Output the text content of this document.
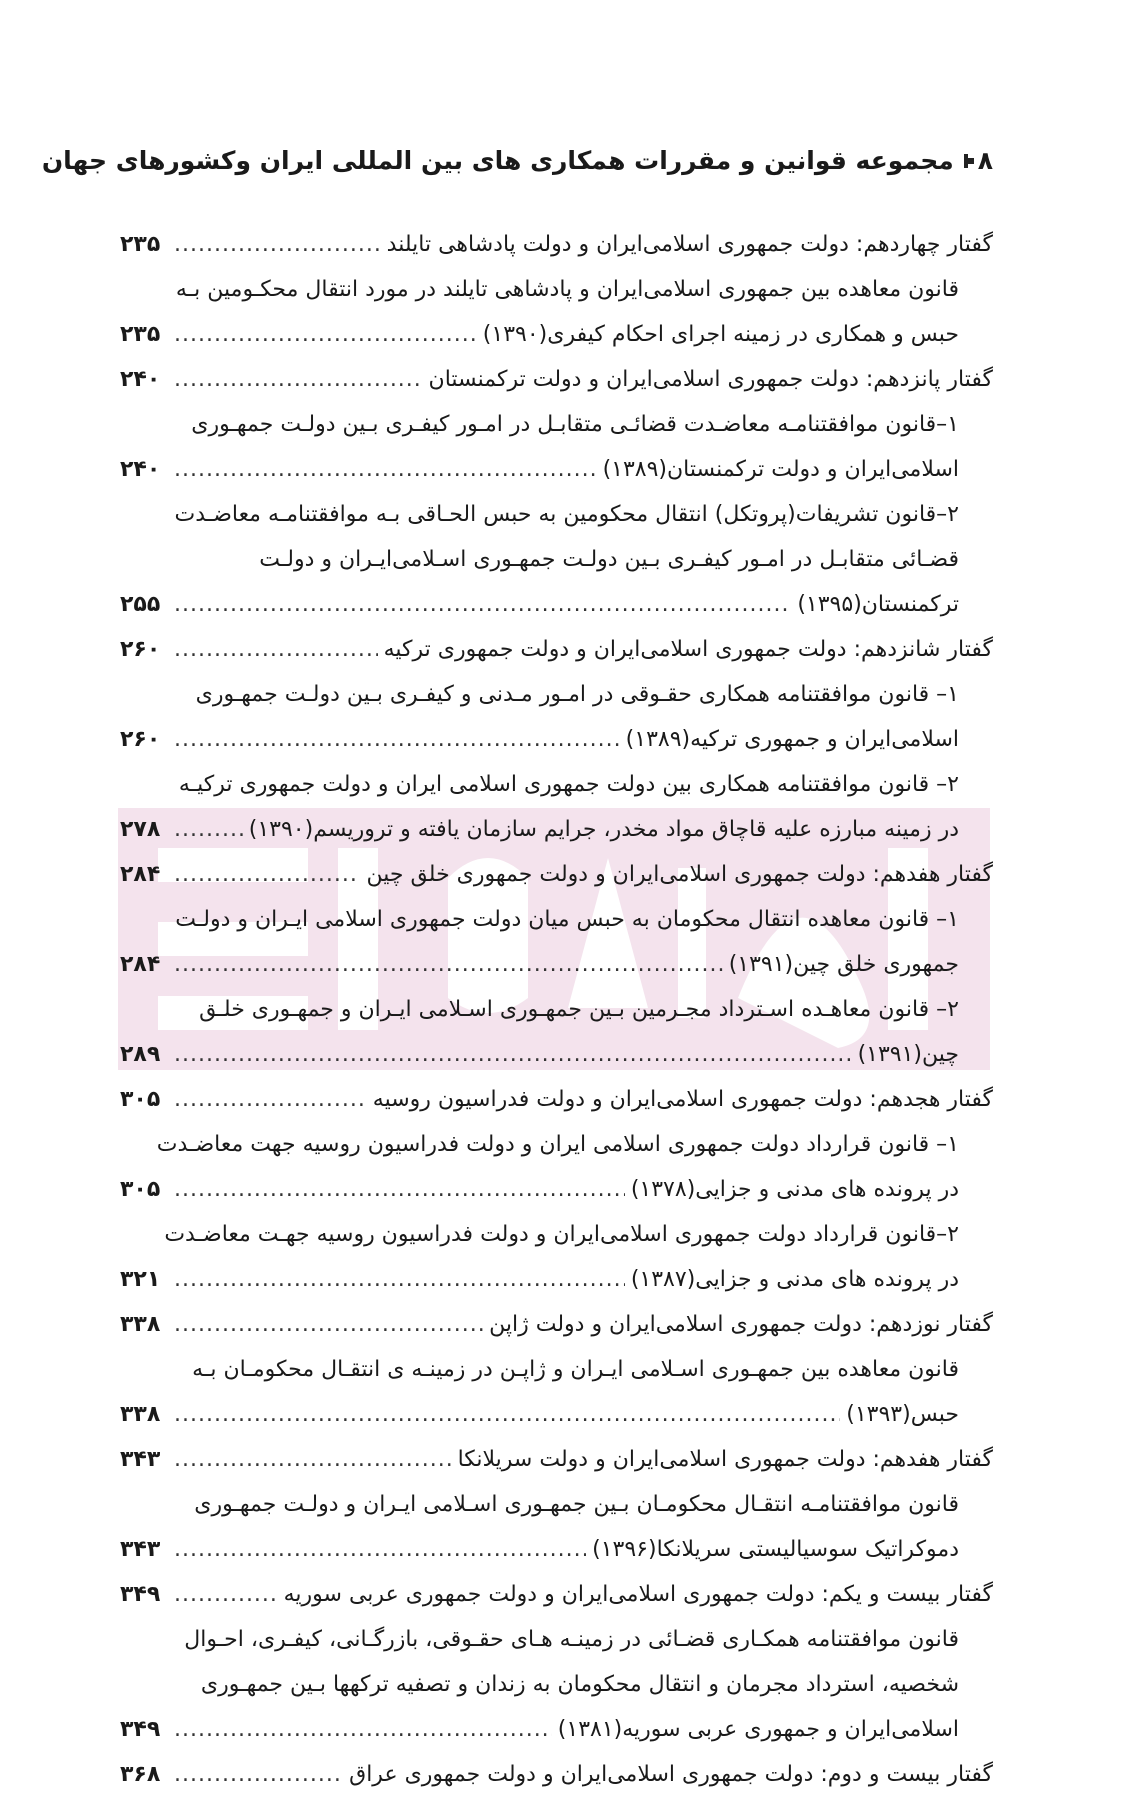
۸
مجموعه قوانین و مقررات همکاری های بین المللی ایران وکشورهای جهان
گفتار چهاردهم: دولت جمهوری اسلامی‌ایران و دولت پادشاهی تایلند
.....
۲۳۵
قانون معاهده بین جمهوری اسلامی‌ایران و پادشاهی تایلند در مورد انتقال محکـومین بـه
حبس و همکاری در زمینه اجرای احکام کیفری(۱۳۹۰)
.....
۲۳۵
گفتار پانزدهم: دولت جمهوری اسلامی‌ایران و دولت ترکمنستان
.....
۲۴۰
۱–قانون موافقتنامـه معاضـدت قضائـی متقابـل در امـور کیفـری بـین دولـت جمهـوری
اسلامی‌ایران و دولت ترکمنستان(۱۳۸۹)
.....
۲۴۰
۲–قانون تشریفات(پروتکل) انتقال محکومین به حبس الحـاقی بـه موافقتنامـه معاضـدت
قضـائی متقابـل در امـور کیفـری بـین دولـت جمهـوری اسـلامی‌ایـران و دولـت
ترکمنستان(۱۳۹۵)
.....
۲۵۵
گفتار شانزدهم: دولت جمهوری اسلامی‌ایران و دولت جمهوری ترکیه
.....
۲۶۰
۱– قانون موافقتنامه همکاری حقـوقی در امـور مـدنی و کیفـری بـین دولـت جمهـوری
اسلامی‌ایران و جمهوری ترکیه(۱۳۸۹)
.....
۲۶۰
۲– قانون موافقتنامه همکاری بین دولت جمهوری اسلامی ایران و دولت جمهوری ترکیـه
در زمینه مبارزه علیه قاچاق مواد مخدر، جرایم سازمان یافته و تروریسم(۱۳۹۰)
.....
۲۷۸
گفتار هفدهم: دولت جمهوری اسلامی‌ایران و دولت جمهوری خلق چین
.....
۲۸۴
۱– قانون معاهده انتقال محکومان به حبس میان دولت جمهوری اسلامی ایـران و دولـت
جمهوری خلق چین(۱۳۹۱)
.....
۲۸۴
۲– قانون معاهـده اسـترداد مجـرمین بـین جمهـوری اسـلامی ایـران و جمهـوری خلـق
چین(۱۳۹۱)
.....
۲۸۹
گفتار هجدهم: دولت جمهوری اسلامی‌ایران و دولت فدراسیون روسیه
.....
۳۰۵
۱– قانون قرارداد دولت جمهوری اسلامی ایران و دولت فدراسیون روسیه جهت معاضـدت
در پرونده های مدنی و جزایی(۱۳۷۸)
.....
۳۰۵
۲–قانون قرارداد دولت جمهوری اسلامی‌ایران و دولت فدراسیون روسیه جهـت معاضـدت
در پرونده های مدنی و جزایی(۱۳۸۷)
.....
۳۲۱
گفتار نوزدهم: دولت جمهوری اسلامی‌ایران و دولت ژاپن
.....
۳۳۸
قانون معاهده بین جمهـوری اسـلامی ایـران و ژاپـن در زمینـه ی انتقـال محکومـان بـه
حبس(۱۳۹۳)
.....
۳۳۸
گفتار هفدهم: دولت جمهوری اسلامی‌ایران و دولت سریلانکا
.....
۳۴۳
قانون موافقتنامـه انتقـال محکومـان بـین جمهـوری اسـلامی ایـران و دولـت جمهـوری
دموکراتیک سوسیالیستی سریلانکا(۱۳۹۶)
.....
۳۴۳
گفتار بیست و یکم: دولت جمهوری اسلامی‌ایران و دولت جمهوری عربی سوریه
.....
۳۴۹
قانون موافقتنامه همکـاری قضـائی در زمینـه هـای حقـوقی، بازرگـانی، کیفـری، احـوال
شخصیه، استرداد مجرمان و انتقال محکومان به زندان و تصفیه ترکهها بـین جمهـوری
اسلامی‌ایران و جمهوری عربی سوریه(۱۳۸۱)
.....
۳۴۹
گفتار بیست و دوم: دولت جمهوری اسلامی‌ایران و دولت جمهوری عراق
.....
۳۶۸
